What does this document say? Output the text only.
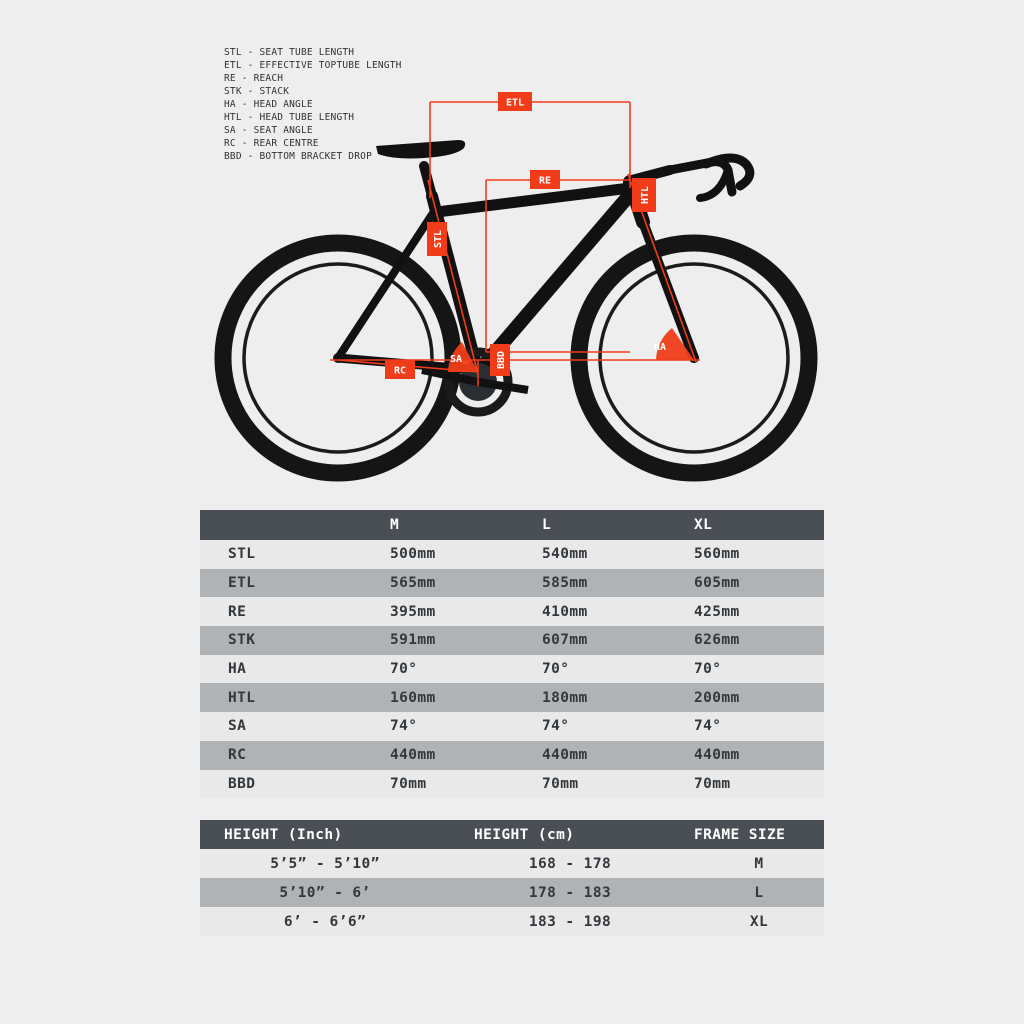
STL - SEAT TUBE LENGTH
ETL - EFFECTIVE TOPTUBE LENGTH
RE - REACH
STK - STACK
HA - HEAD ANGLE
HTL - HEAD TUBE LENGTH
SA - SEAT ANGLE
RC - REAR CENTRE
BBD - BOTTOM BRACKET DROP
ETL
RE
HTL
STL
SA
HA
RC
BBD
	M	L	XL
STL	500mm	540mm	560mm
ETL	565mm	585mm	605mm
RE	395mm	410mm	425mm
STK	591mm	607mm	626mm
HA	70°	70°	70°
HTL	160mm	180mm	200mm
SA	74°	74°	74°
RC	440mm	440mm	440mm
BBD	70mm	70mm	70mm
HEIGHT (Inch)	HEIGHT (cm)	FRAME SIZE
5’5” - 5’10”	168 - 178	M
5’10” - 6’	178 - 183	L
6’ - 6’6”	183 - 198	XL
